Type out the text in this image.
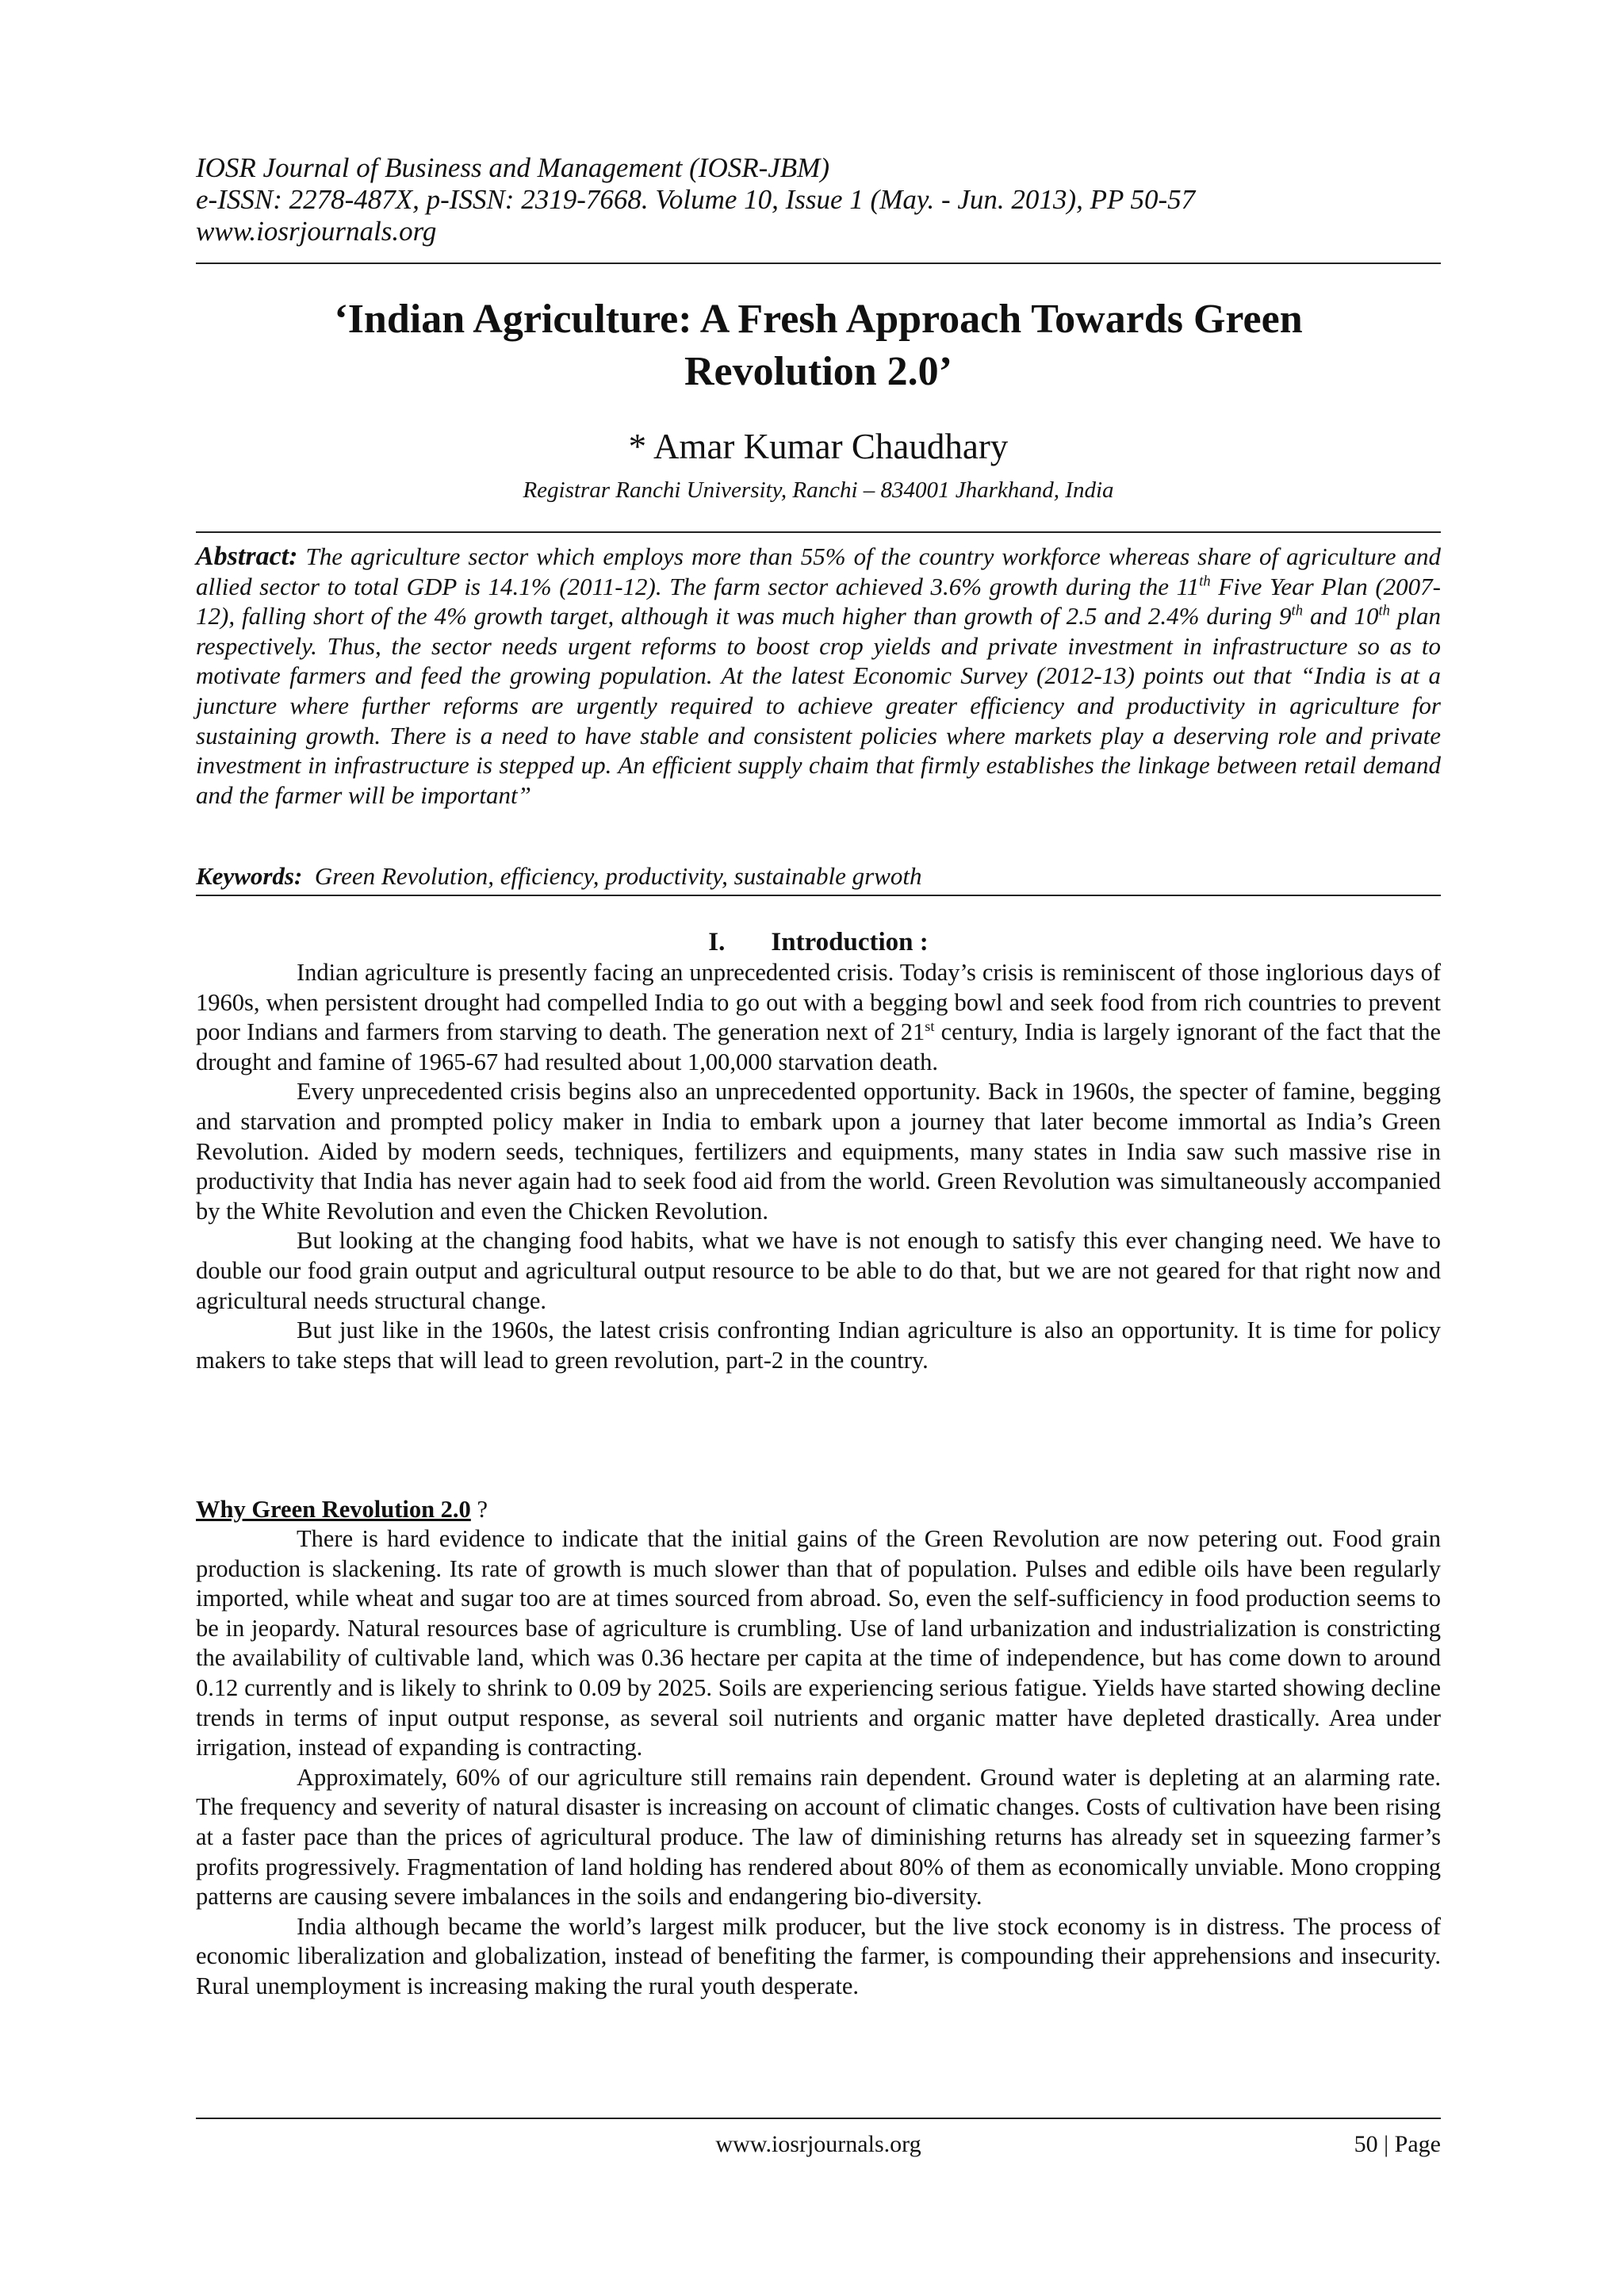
IOSR Journal of Business and Management (IOSR-JBM)

e-ISSN: 2278-487X, p-ISSN: 2319-7668. Volume 10, Issue 1 (May. - Jun. 2013), PP 50-57

www.iosrjournals.org

‘Indian Agriculture: A Fresh Approach Towards Green
Revolution 2.0’

* Amar Kumar Chaudhary

Registrar Ranchi University, Ranchi – 834001 Jharkhand, India

Abstract: The agriculture sector which employs more than 55% of the country workforce whereas share of agriculture and allied sector to total GDP is 14.1% (2011-12). The farm sector achieved 3.6% growth during the 11th Five Year Plan (2007-12), falling short of the 4% growth target, although it was much higher than growth of 2.5 and 2.4% during 9th and 10th plan respectively. Thus, the sector needs urgent reforms to boost crop yields and private investment in infrastructure so as to motivate farmers and feed the growing population. At the latest Economic Survey (2012-13) points out that “India is at a juncture where further reforms are urgently required to achieve greater efficiency and productivity in agriculture for sustaining growth. There is a need to have stable and consistent policies where markets play a deserving role and private investment in infrastructure is stepped up. An efficient supply chaim that firmly establishes the linkage between retail demand and the farmer will be important”

Keywords: Green Revolution, efficiency, productivity, sustainable grwoth

I. Introduction :

Indian agriculture is presently facing an unprecedented crisis. Today’s crisis is reminiscent of those inglorious days of 1960s, when persistent drought had compelled India to go out with a begging bowl and seek food from rich countries to prevent poor Indians and farmers from starving to death. The generation next of 21st century, India is largely ignorant of the fact that the drought and famine of 1965-67 had resulted about 1,00,000 starvation death.

Every unprecedented crisis begins also an unprecedented opportunity. Back in 1960s, the specter of famine, begging and starvation and prompted policy maker in India to embark upon a journey that later become immortal as India’s Green Revolution. Aided by modern seeds, techniques, fertilizers and equipments, many states in India saw such massive rise in productivity that India has never again had to seek food aid from the world. Green Revolution was simultaneously accompanied by the White Revolution and even the Chicken Revolution.

But looking at the changing food habits, what we have is not enough to satisfy this ever changing need. We have to double our food grain output and agricultural output resource to be able to do that, but we are not geared for that right now and agricultural needs structural change.

But just like in the 1960s, the latest crisis confronting Indian agriculture is also an opportunity. It is time for policy makers to take steps that will lead to green revolution, part-2 in the country.

Why Green Revolution 2.0 ?

There is hard evidence to indicate that the initial gains of the Green Revolution are now petering out. Food grain production is slackening. Its rate of growth is much slower than that of population. Pulses and edible oils have been regularly imported, while wheat and sugar too are at times sourced from abroad. So, even the self-sufficiency in food production seems to be in jeopardy. Natural resources base of agriculture is crumbling. Use of land urbanization and industrialization is constricting the availability of cultivable land, which was 0.36 hectare per capita at the time of independence, but has come down to around 0.12 currently and is likely to shrink to 0.09 by 2025. Soils are experiencing serious fatigue. Yields have started showing decline trends in terms of input output response, as several soil nutrients and organic matter have depleted drastically. Area under irrigation, instead of expanding is contracting.

Approximately, 60% of our agriculture still remains rain dependent. Ground water is depleting at an alarming rate. The frequency and severity of natural disaster is increasing on account of climatic changes. Costs of cultivation have been rising at a faster pace than the prices of agricultural produce. The law of diminishing returns has already set in squeezing farmer’s profits progressively. Fragmentation of land holding has rendered about 80% of them as economically unviable. Mono cropping patterns are causing severe imbalances in the soils and endangering bio-diversity.

India although became the world’s largest milk producer, but the live stock economy is in distress. The process of economic liberalization and globalization, instead of benefiting the farmer, is compounding their apprehensions and insecurity. Rural unemployment is increasing making the rural youth desperate.

www.iosrjournals.org	50 | Page
